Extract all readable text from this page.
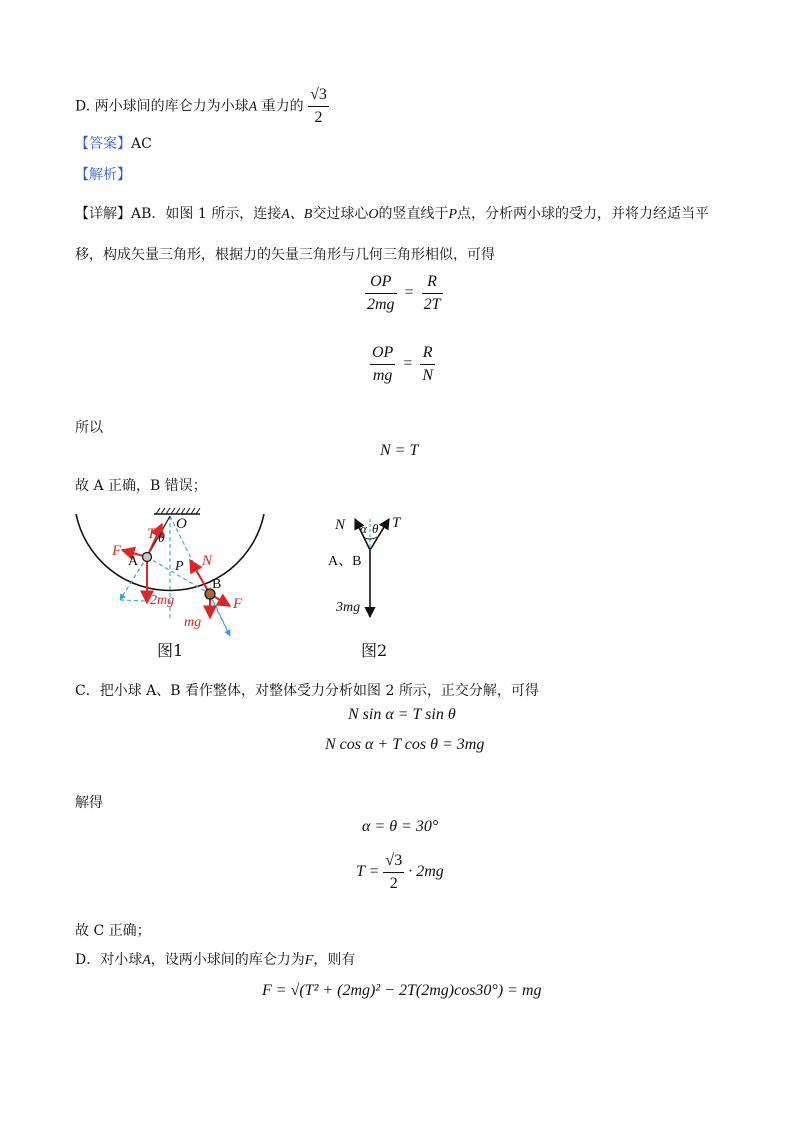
D. 两小球间的库仑力为小球A 重力的 $\frac{√3}{2}$
【答案】AC
【解析】
【详解】AB．如图 1 所示，连接A、B交过球心O的竖直线于P点，分析两小球的受力，并将力经适当平
移，构成矢量三角形，根据力的矢量三角形与几何三角形相似，可得
$\frac{OP}{2mg} = \frac{R}{2T}$
$\frac{OP}{mg} = \frac{R}{N}$
所以
N = T
故 A 正确，B 错误；
T θ
O
F
A	P N
B
F
2mg
mg
图1
N α θ T
A、B
3mg
图2
C．把小球 A、B 看作整体，对整体受力分析如图 2 所示，正交分解，可得
N sin α = T sin θ
N cos α + T cos θ = 3mg
解得
α = θ = 30°
$T = \frac{√3}{2} \cdot 2mg$
故 C 正确；
D．对小球A，设两小球间的库仑力为F，则有
F = √(T² + (2mg)² − 2T(2mg)cos30°) = mg
